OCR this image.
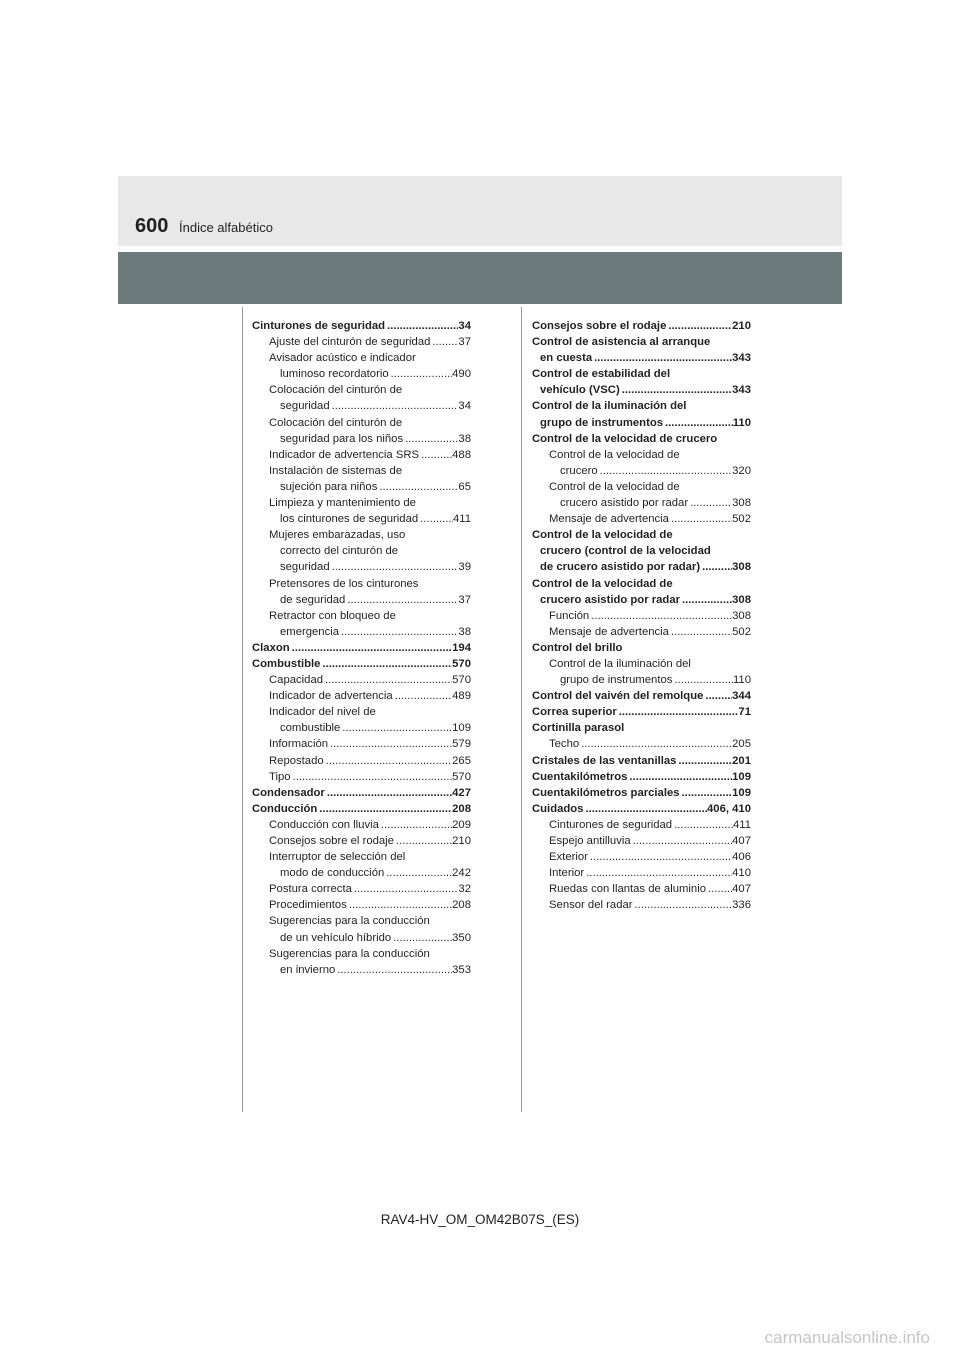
600 Índice alfabético
Cinturones de seguridad .....	34
Ajuste del cinturón de seguridad ..... 37
Avisador acústico e indicador
luminoso recordatorio .....	490
Colocación del cinturón de
seguridad .....	34
Colocación del cinturón de
seguridad para los niños .....	38
Indicador de advertencia SRS .....	488
Instalación de sistemas de
sujeción para niños .....	65
Limpieza y mantenimiento de
los cinturones de seguridad .....	411
Mujeres embarazadas, uso
correcto del cinturón de
seguridad .....	39
Pretensores de los cinturones
de seguridad .....	37
Retractor con bloqueo de
emergencia .....	38
Claxon .....	194
Combustible .....	570
Capacidad .....	570
Indicador de advertencia .....	489
Indicador del nivel de
combustible .....	109
Información .....	579
Repostado .....	265
Tipo .....	570
Condensador .....	427
Conducción .....	208
Conducción con lluvia .....	209
Consejos sobre el rodaje .....	210
Interruptor de selección del
modo de conducción .....	242
Postura correcta .....	32
Procedimientos .....	208
Sugerencias para la conducción
de un vehículo híbrido .....	350
Sugerencias para la conducción
en invierno .....	353
Consejos sobre el rodaje .....	210
Control de asistencia al arranque
en cuesta .....	343
Control de estabilidad del
vehículo (VSC) .....	343
Control de la iluminación del
grupo de instrumentos .....	110
Control de la velocidad de crucero
Control de la velocidad de
crucero .....	320
Control de la velocidad de
crucero asistido por radar .....	308
Mensaje de advertencia .....	502
Control de la velocidad de
crucero (control de la velocidad
de crucero asistido por radar) .....	308
Control de la velocidad de
crucero asistido por radar .....	308
Función .....	308
Mensaje de advertencia .....	502
Control del brillo
Control de la iluminación del
grupo de instrumentos .....	110
Control del vaivén del remolque .....	344
Correa superior .....	71
Cortinilla parasol
Techo .....	205
Cristales de las ventanillas .....	201
Cuentakilómetros .....	109
Cuentakilómetros parciales .....	109
Cuidados .....	406, 410
Cinturones de seguridad .....	411
Espejo antilluvia .....	407
Exterior .....	406
Interior .....	410
Ruedas con llantas de aluminio ..... 407
Sensor del radar .....	336
RAV4-HV_OM_OM42B07S_(ES)
carmanualsonline.info
